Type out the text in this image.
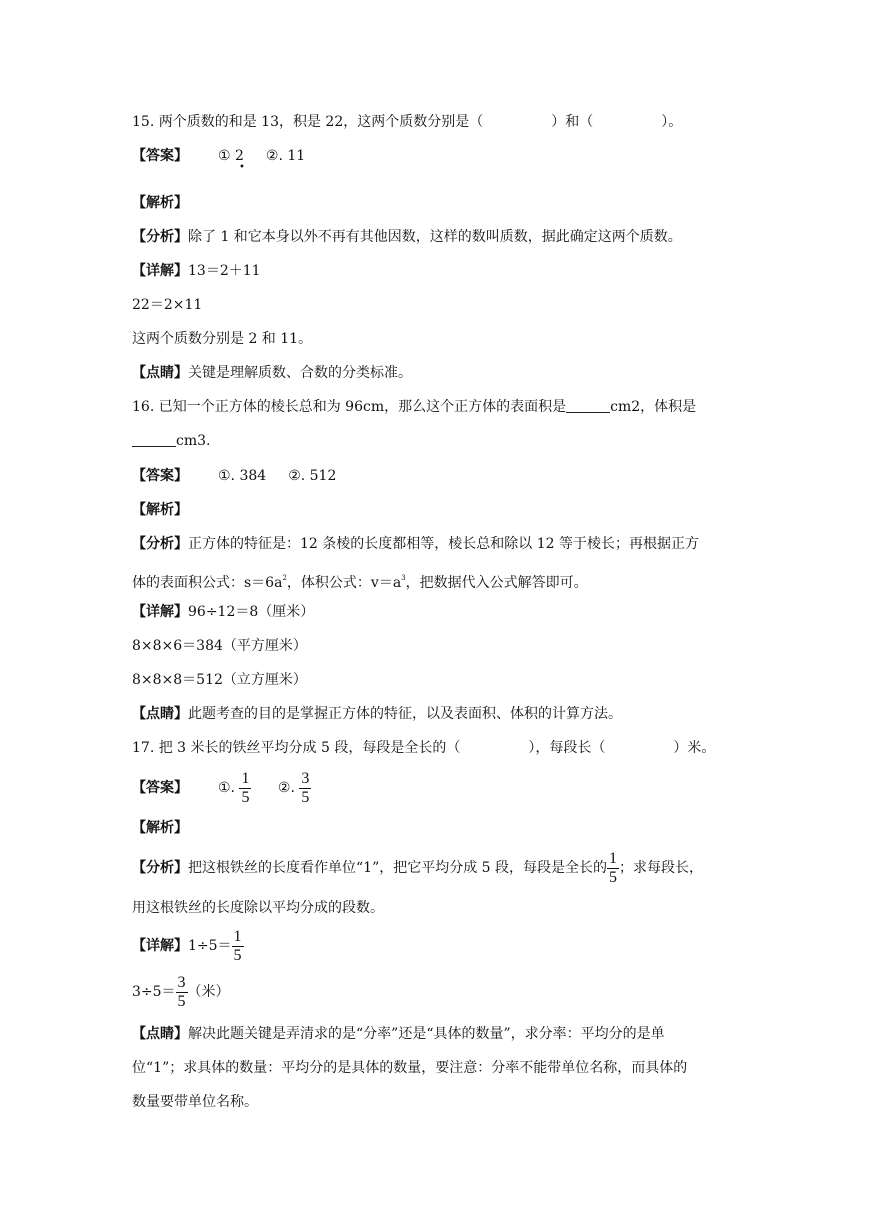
15. 两个质数的和是 13，积是 22，这两个质数分别是（	）和（	）。
【答案】 ① 2 ②. 11
•
【解析】
【分析】除了 1 和它本身以外不再有其他因数，这样的数叫质数，据此确定这两个质数。
【详解】13＝2＋11
22＝2×11
这两个质数分别是 2 和 11。
【点睛】关键是理解质数、合数的分类标准。
16. 已知一个正方体的棱长总和为 96cm，那么这个正方体的表面积是	cm2，体积是
cm3.
【答案】 ①. 384 ②. 512
【解析】
【分析】正方体的特征是：12 条棱的长度都相等，棱长总和除以 12 等于棱长；再根据正方
体的表面积公式：$s=6a^2$，体积公式：$v=a^3$，把数据代入公式解答即可。
【详解】96÷12＝8（厘米）
8×8×6＝384（平方厘米）
8×8×8＝512（立方厘米）
【点睛】此题考查的目的是掌握正方体的特征，以及表面积、体积的计算方法。
17. 把 3 米长的铁丝平均分成 5 段，每段是全长的（	），每段长（	）米。
【答案】 ①. $\frac{1}{5}$ ②. $\frac{3}{5}$
【解析】
【分析】把这根铁丝的长度看作单位“1”，把它平均分成 5 段，每段是全长的 $\frac{1}{5}$ ；求每段长，
用这根铁丝的长度除以平均分成的段数。
【详解】$1\div 5= \frac{1}{5}$
$3\div 5= \frac{3}{5}$ （米）
【点睛】解决此题关键是弄清求的是“分率”还是“具体的数量”，求分率：平均分的是单
位“1”；求具体的数量：平均分的是具体的数量，要注意：分率不能带单位名称，而具体的
数量要带单位名称。
